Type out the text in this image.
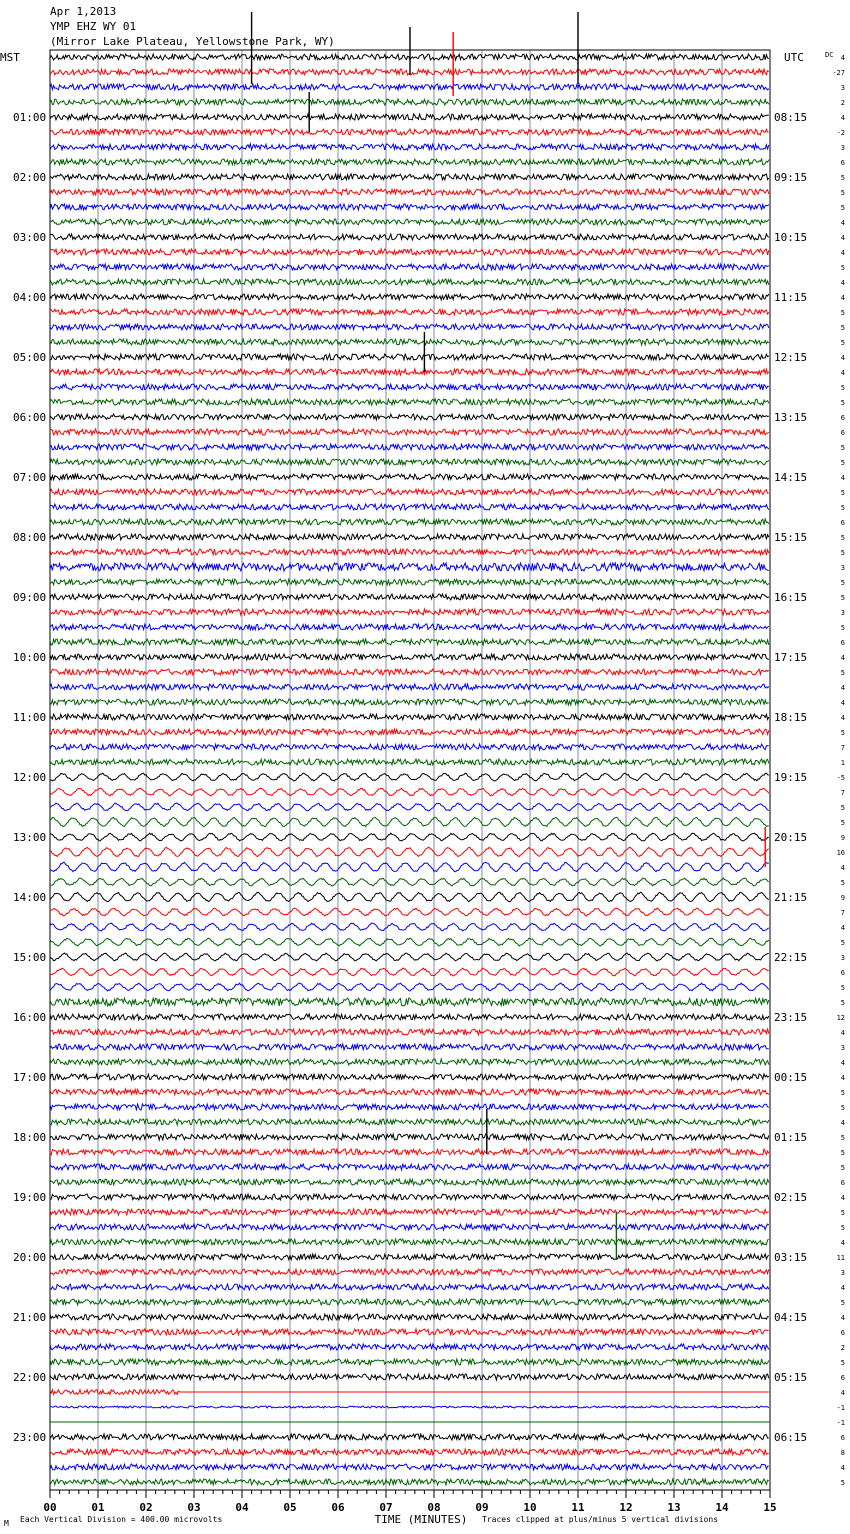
Apr 1,2013
YMP EHZ WY 01
(Mirror Lake Plateau, Yellowstone Park, WY)
00	01	02	03	04	05	06	07	08	09	10	11	12	13	14	15
TIME (MINUTES)
MST	UTC	DC
01:00
02:00
03:00
04:00
05:00
06:00
07:00
08:00
09:00
10:00
11:00
12:00
13:00
14:00
15:00
16:00
17:00
18:00
19:00
20:00
21:00
22:00
23:00
08:15
09:15
10:15
11:15
12:15
13:15
14:15
15:15
16:15
17:15
18:15
19:15
20:15
21:15
22:15
23:15
00:15
01:15
02:15
03:15
04:15
05:15
06:15
4
-27
3
2
4
-2
3
6
5
5
5
4
4
4
5
4
4
5
5
5
4
4
5
5
6
6
5
5
4
5
5
6
5
5
3
5
5
3
5
6
4
5
4
4
4
5
7
1
-5
7
5
5
9
16
4
5
9
7
4
5
3
6
5
5
12
4
3
4
4
5
5
4
5
5
5
6
4
5
5
4
11
3
4
5
4
6
2
5
6
4
-1
-1
6
8
4
5
M Each Vertical Division = 400.00 microvolts	Traces clipped at plus/minus 5 vertical divisions
